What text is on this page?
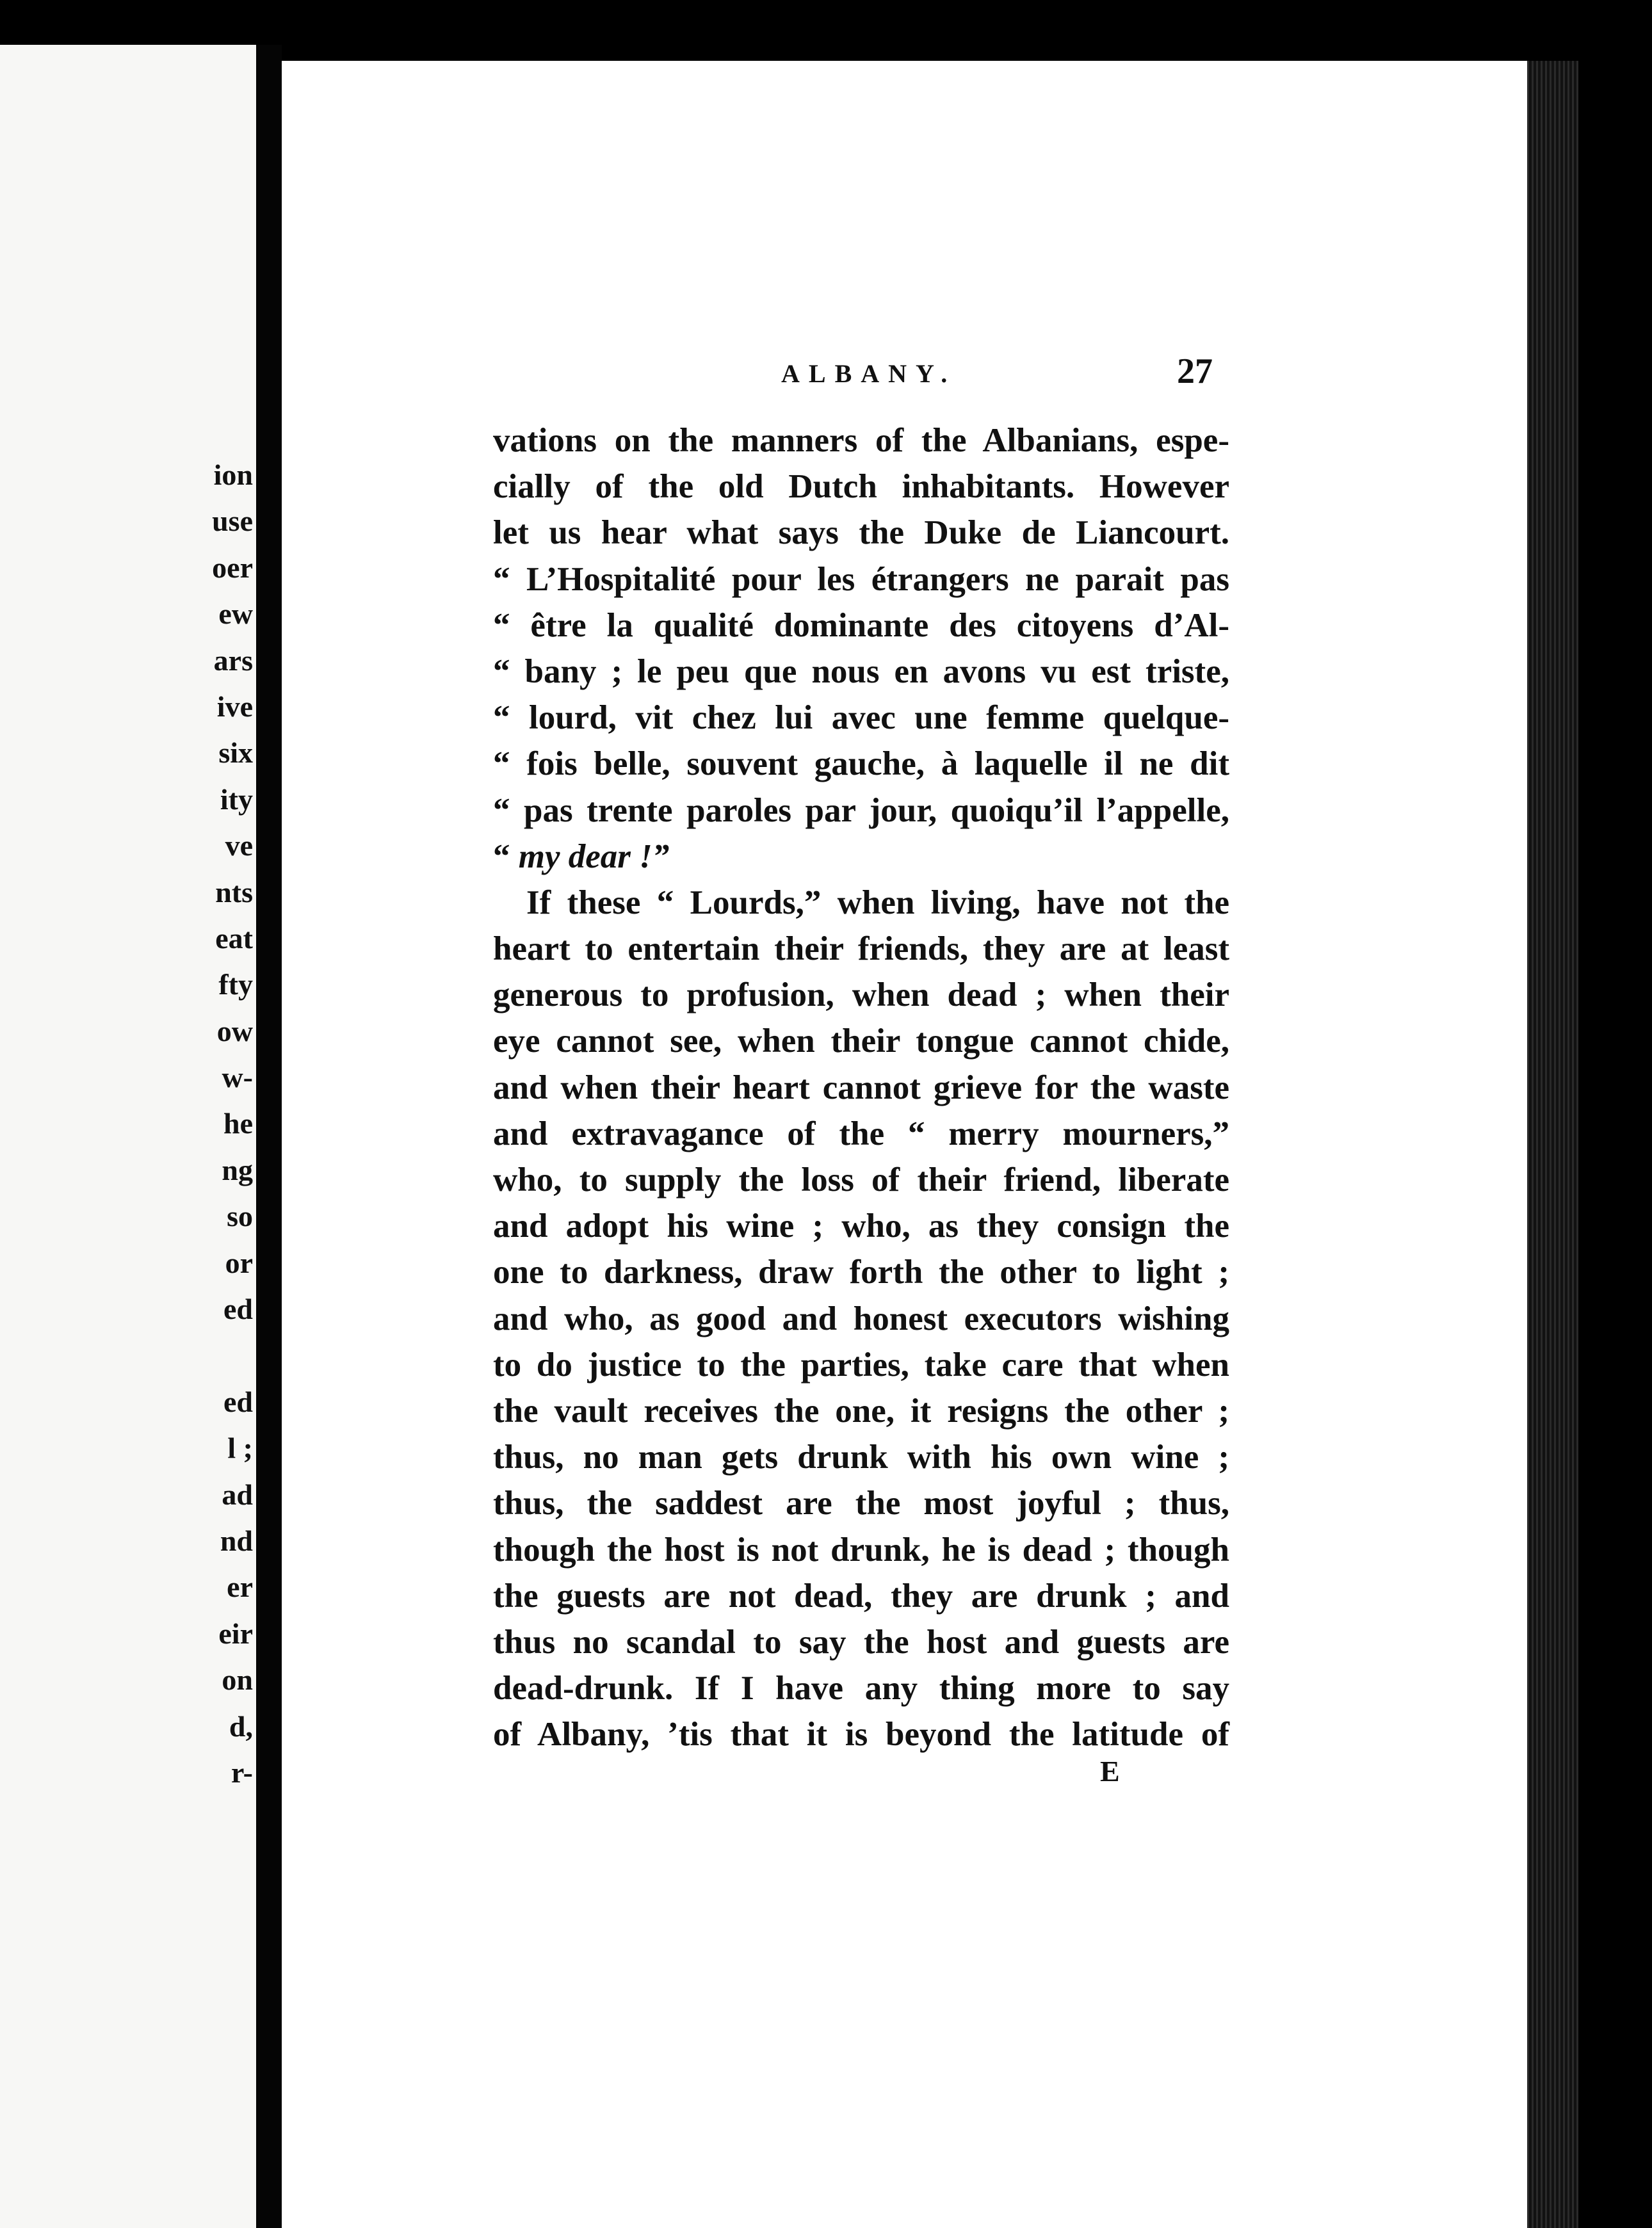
ion
use
oer
ew
ars
ive
six
ity
ve
nts
eat
fty
ow
w-
he
ng
so
or
ed
ed
l ;
ad
nd
er
eir
on
d,
r-
ALBANY.	27
vations on the manners of the Albanians, espe-
cially of the old Dutch inhabitants. However
let us hear what says the Duke de Liancourt.
“ L’Hospitalité pour les étrangers ne parait pas
“ être la qualité dominante des citoyens d’Al-
“ bany ; le peu que nous en avons vu est triste,
“ lourd, vit chez lui avec une femme quelque-
“ fois belle, souvent gauche, à laquelle il ne dit
“ pas trente paroles par jour, quoiqu’il l’appelle,
“ my dear !”
If these “ Lourds,” when living, have not the
heart to entertain their friends, they are at least
generous to profusion, when dead ; when their
eye cannot see, when their tongue cannot chide,
and when their heart cannot grieve for the waste
and extravagance of the “ merry mourners,”
who, to supply the loss of their friend, liberate
and adopt his wine ; who, as they consign the
one to darkness, draw forth the other to light ;
and who, as good and honest executors wishing
to do justice to the parties, take care that when
the vault receives the one, it resigns the other ;
thus, no man gets drunk with his own wine ;
thus, the saddest are the most joyful ; thus,
though the host is not drunk, he is dead ; though
the guests are not dead, they are drunk ; and
thus no scandal to say the host and guests are
dead-drunk. If I have any thing more to say
of Albany, ’tis that it is beyond the latitude of
E
